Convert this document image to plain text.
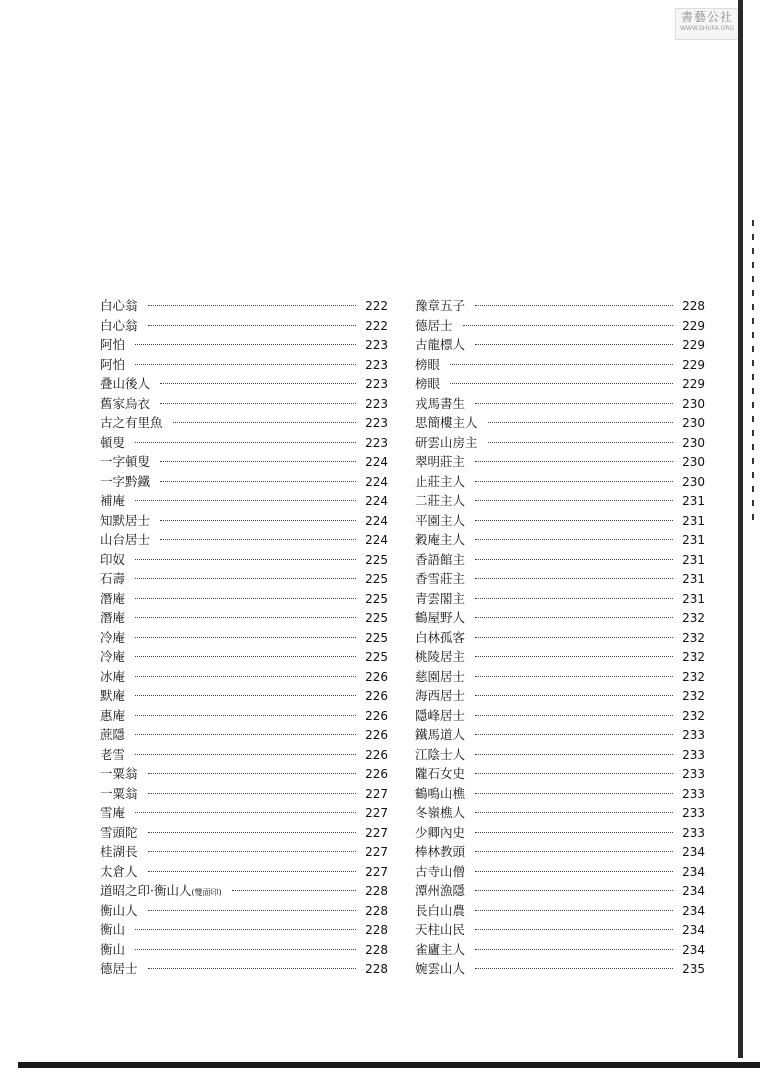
書藝公社
WWW.SHUFA.ORG
白心翁	222
白心翁	222
阿怕	223
阿怕	223
叠山後人	223
舊家烏衣	223
古之有里魚	223
頓叟	223
一字頓叟	224
一字黔鐵	224
補庵	224
知默居士	224
山台居士	224
印奴	225
石壽	225
潛庵	225
潛庵	225
冷庵	225
冷庵	225
冰庵	226
默庵	226
惠庵	226
蔗隱	226
老雪	226
一粟翁	226
一粟翁	227
雪庵	227
雪頭陀	227
桂湖長	227
太倉人	227
道昭之印·衡山人(雙面印)	228
衡山人	228
衡山	228
衡山	228
德居士	228
豫章五子	228
德居士	229
古龍標人	229
榜眼	229
榜眼	229
戎馬書生	230
思簡樓主人	230
研雲山房主	230
翠明莊主	230
止莊主人	230
二莊主人	231
平園主人	231
穀庵主人	231
香語館主	231
香雪莊主	231
青雲閣主	231
鶴屋野人	232
白林孤客	232
桃陵居主	232
慈園居士	232
海西居士	232
隱峰居士	232
鐵馬道人	233
江陰士人	233
隴石女史	233
鶴鳴山樵	233
冬嶺樵人	233
少卿內史	233
棒林教頭	234
古寺山僧	234
潭州漁隱	234
長白山農	234
天柱山民	234
雀廬主人	234
婉雲山人	235
